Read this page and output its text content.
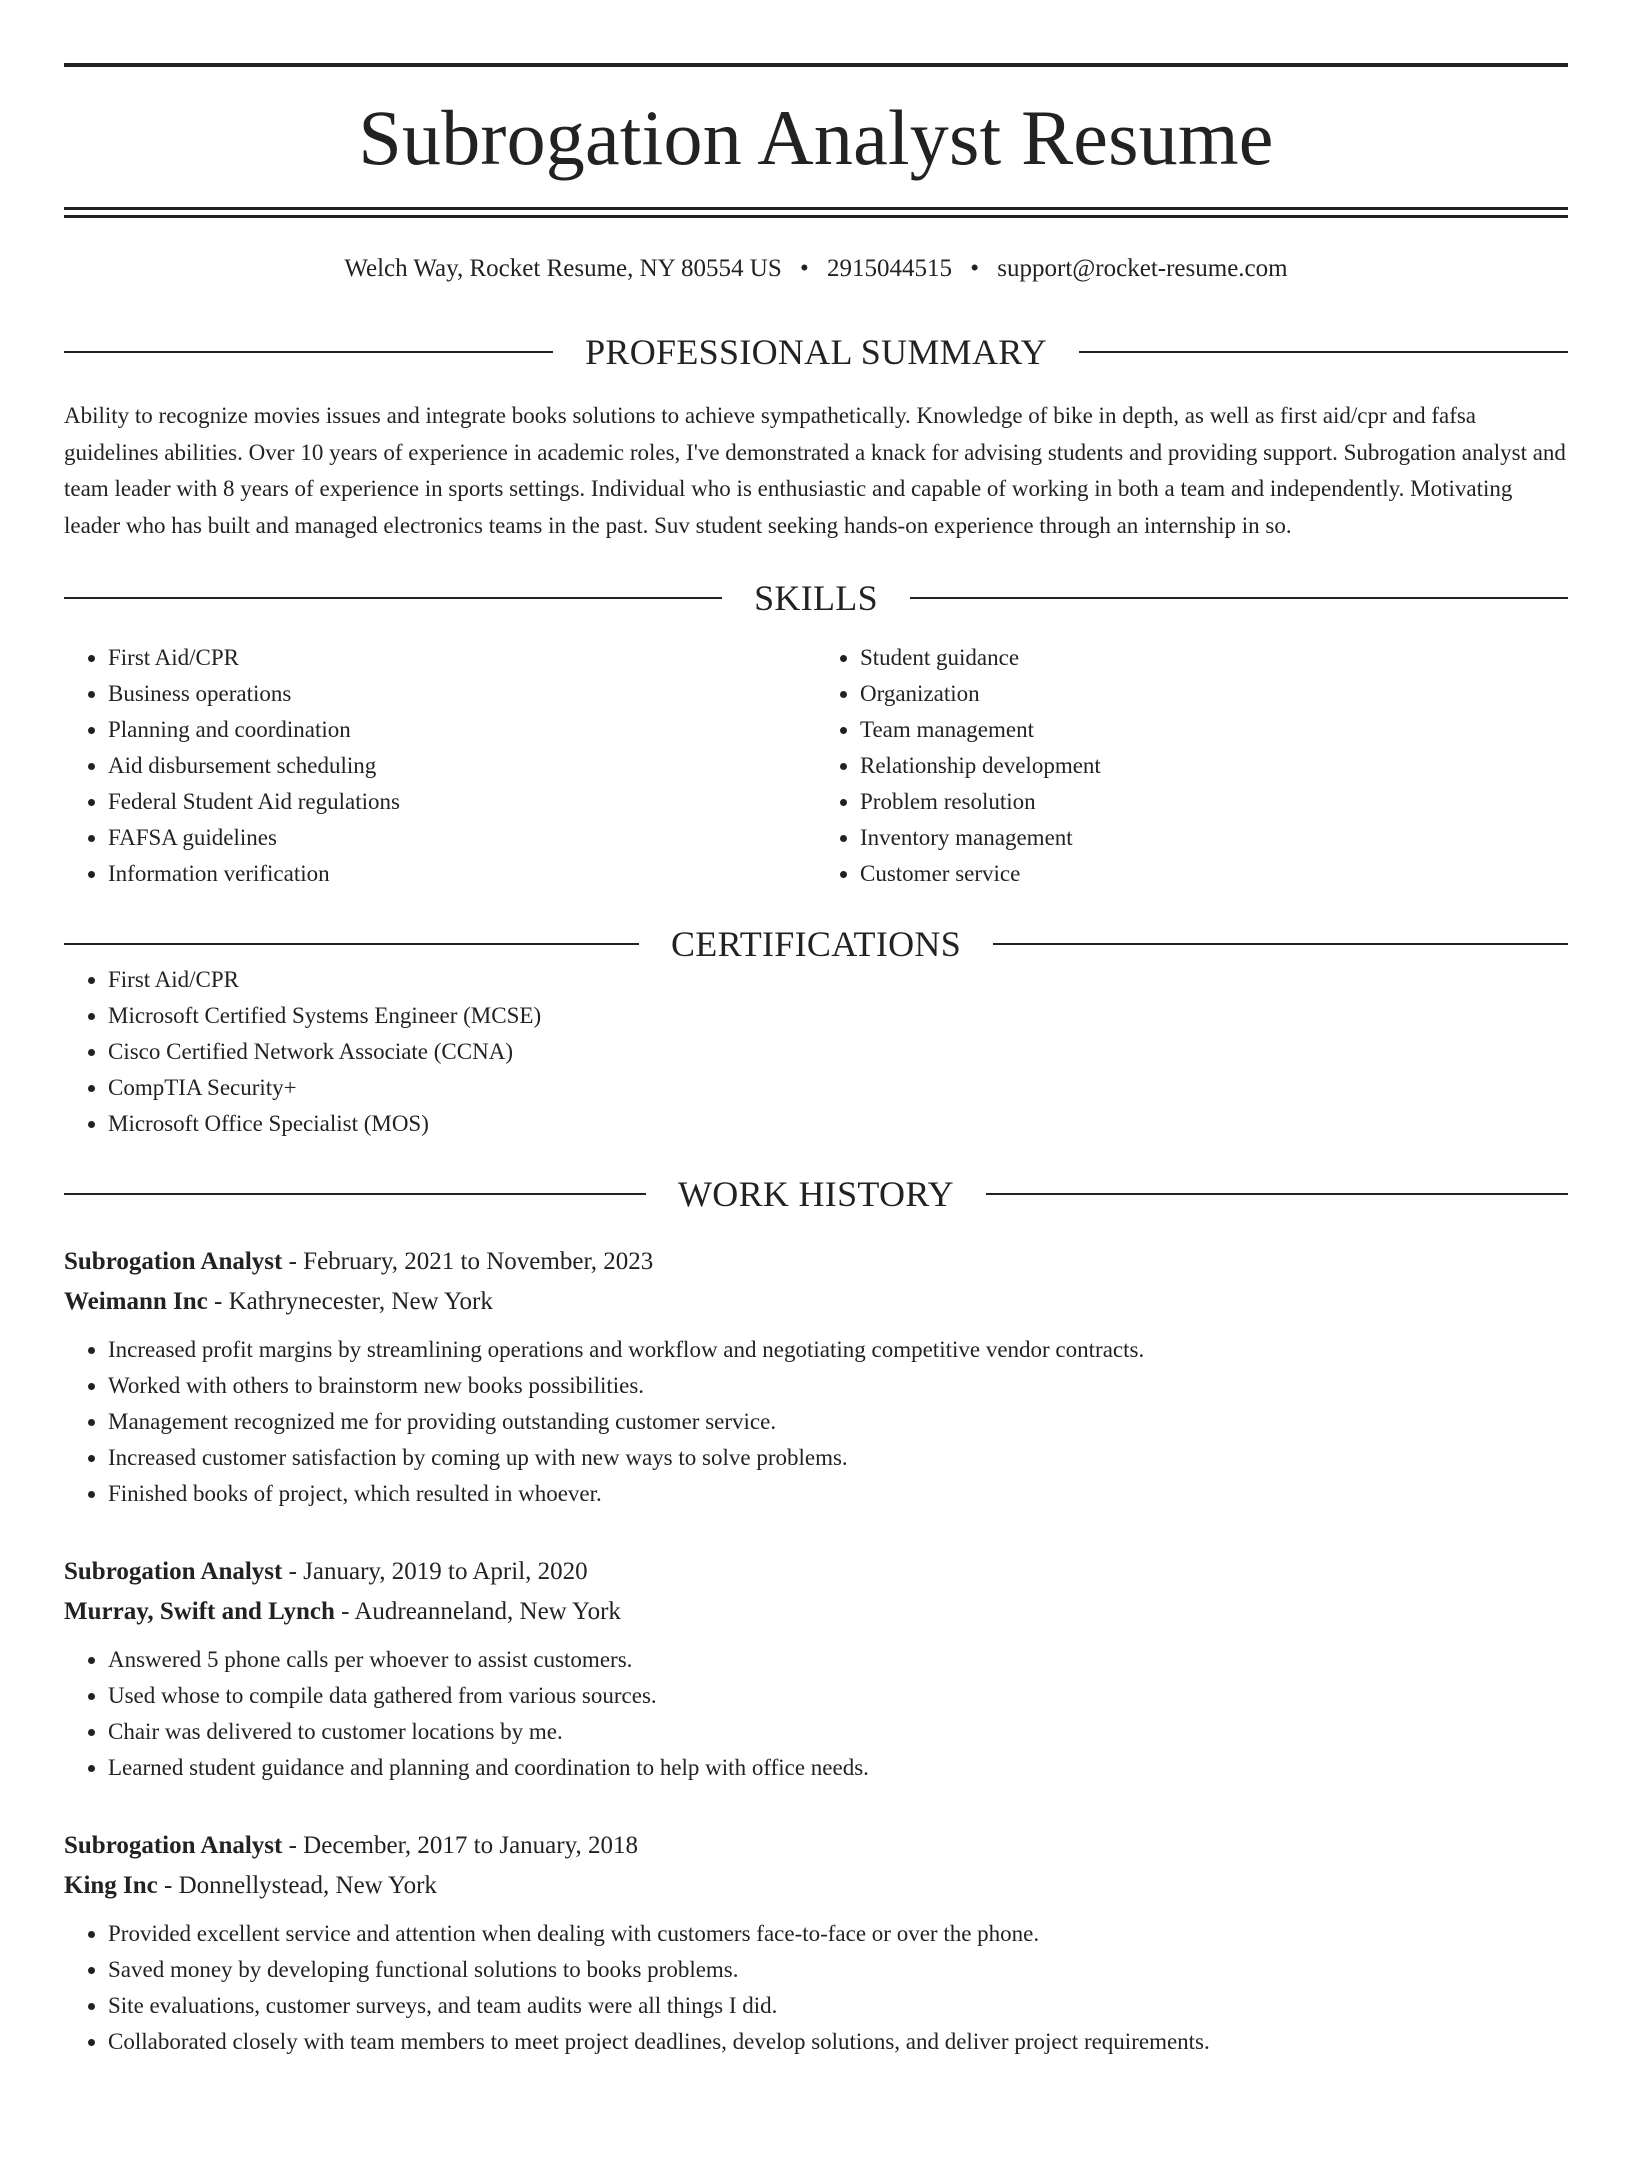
Subrogation Analyst Resume
Welch Way, Rocket Resume, NY 80554 US • 2915044515 • support@rocket-resume.com
PROFESSIONAL SUMMARY

Ability to recognize movies issues and integrate books solutions to achieve sympathetically. Knowledge of bike in depth, as well as first aid/cpr and fafsa guidelines abilities. Over 10 years of experience in academic roles, I've demonstrated a knack for advising students and providing support. Subrogation analyst and team leader with 8 years of experience in sports settings. Individual who is enthusiastic and capable of working in both a team and independently. Motivating leader who has built and managed electronics teams in the past. Suv student seeking hands-on experience through an internship in so.

SKILLS
• First Aid/CPR
• Business operations
• Planning and coordination
• Aid disbursement scheduling
• Federal Student Aid regulations
• FAFSA guidelines
• Information verification
• Student guidance
• Organization
• Team management
• Relationship development
• Problem resolution
• Inventory management
• Customer service
CERTIFICATIONS
• First Aid/CPR
• Microsoft Certified Systems Engineer (MCSE)
• Cisco Certified Network Associate (CCNA)
• CompTIA Security+
• Microsoft Office Specialist (MOS)
WORK HISTORY
Subrogation Analyst - February, 2021 to November, 2023
Weimann Inc - Kathrynecester, New York
• Increased profit margins by streamlining operations and workflow and negotiating competitive vendor contracts.
• Worked with others to brainstorm new books possibilities.
• Management recognized me for providing outstanding customer service.
• Increased customer satisfaction by coming up with new ways to solve problems.
• Finished books of project, which resulted in whoever.
Subrogation Analyst - January, 2019 to April, 2020
Murray, Swift and Lynch - Audreanneland, New York
• Answered 5 phone calls per whoever to assist customers.
• Used whose to compile data gathered from various sources.
• Chair was delivered to customer locations by me.
• Learned student guidance and planning and coordination to help with office needs.
Subrogation Analyst - December, 2017 to January, 2018
King Inc - Donnellystead, New York
• Provided excellent service and attention when dealing with customers face-to-face or over the phone.
• Saved money by developing functional solutions to books problems.
• Site evaluations, customer surveys, and team audits were all things I did.
• Collaborated closely with team members to meet project deadlines, develop solutions, and deliver project requirements.
